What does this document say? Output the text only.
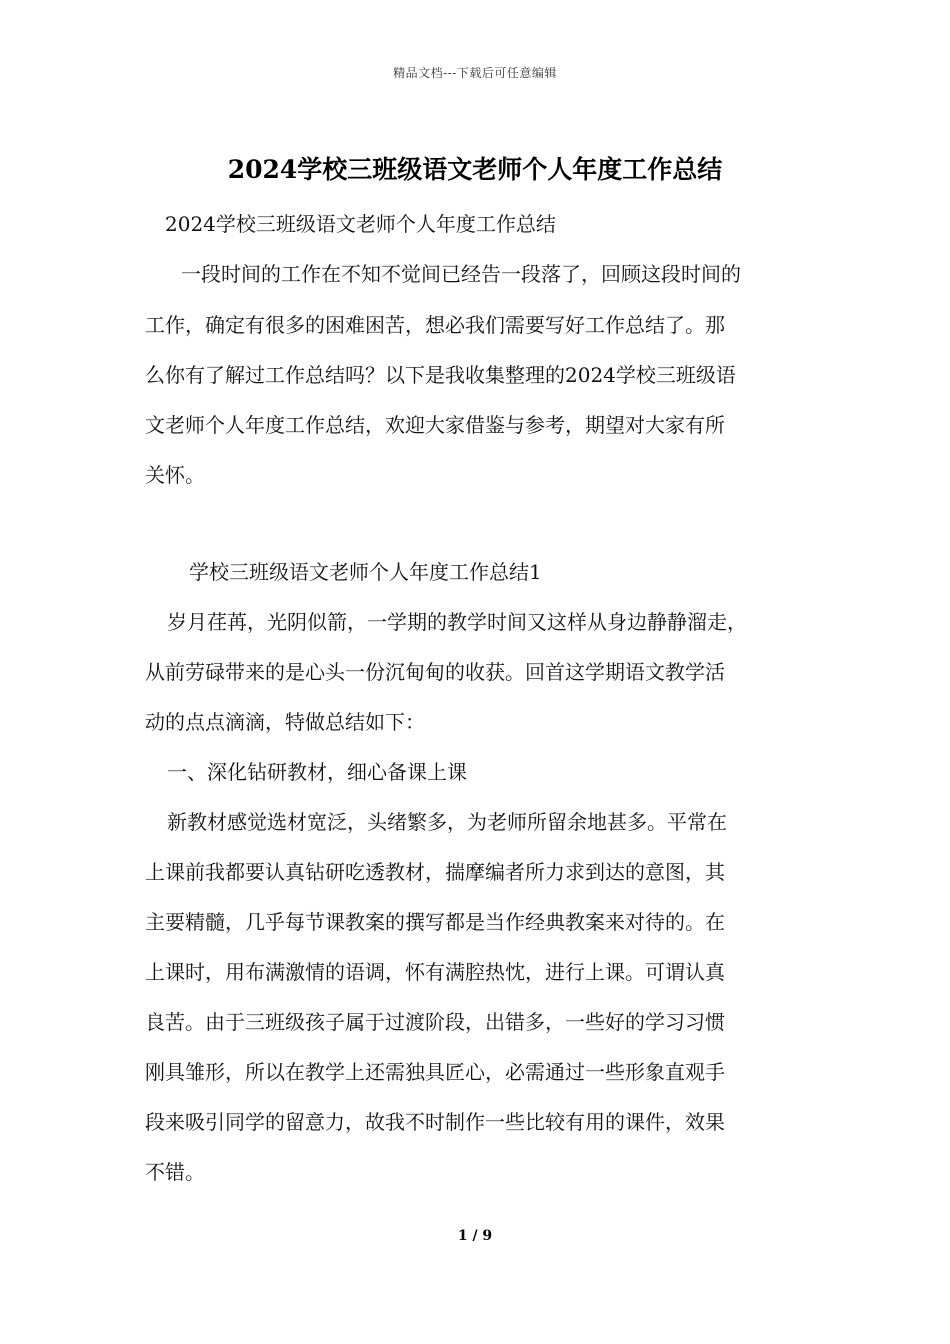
精品文档---下载后可任意编辑
2024学校三班级语文老师个人年度工作总结
2024学校三班级语文老师个人年度工作总结
一段时间的工作在不知不觉间已经告一段落了，回顾这段时间的
工作，确定有很多的困难困苦，想必我们需要写好工作总结了。那
么你有了解过工作总结吗？以下是我收集整理的2024学校三班级语
文老师个人年度工作总结，欢迎大家借鉴与参考，期望对大家有所
关怀。
学校三班级语文老师个人年度工作总结1
岁月荏苒，光阴似箭，一学期的教学时间又这样从身边静静溜走，
从前劳碌带来的是心头一份沉甸甸的收获。回首这学期语文教学活
动的点点滴滴，特做总结如下：
一、深化钻研教材，细心备课上课
新教材感觉选材宽泛，头绪繁多，为老师所留余地甚多。平常在
上课前我都要认真钻研吃透教材，揣摩编者所力求到达的意图，其
主要精髓，几乎每节课教案的撰写都是当作经典教案来对待的。在
上课时，用布满激情的语调，怀有满腔热忱，进行上课。可谓认真
良苦。由于三班级孩子属于过渡阶段，出错多，一些好的学习习惯
刚具雏形，所以在教学上还需独具匠心，必需通过一些形象直观手
段来吸引同学的留意力，故我不时制作一些比较有用的课件，效果
不错。
1 / 9
